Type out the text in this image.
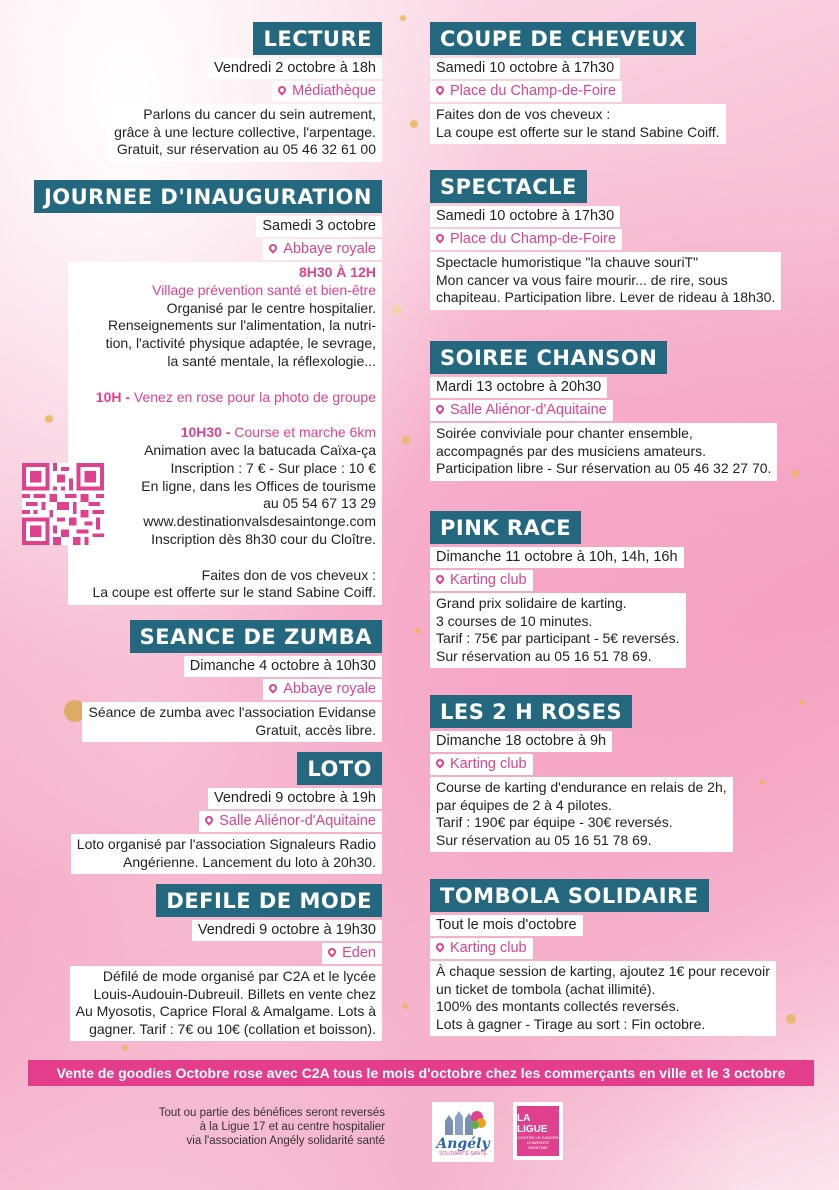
LECTURE
Vendredi 2 octobre à 18h
Médiathèque
Parlons du cancer du sein autrement,
grâce à une lecture collective, l'arpentage.
Gratuit, sur réservation au 05 46 32 61 00
JOURNEE D'INAUGURATION
Samedi 3 octobre
Abbaye royale
8H30 À 12H
Village prévention santé et bien-être
Organisé par le centre hospitalier.
Renseignements sur l'alimentation, la nutri-
tion, l'activité physique adaptée, le sevrage,
la santé mentale, la réflexologie...

10H - Venez en rose pour la photo de groupe

10H30 - Course et marche 6km
Animation avec la batucada Caïxa-ça
Inscription : 7 € - Sur place : 10 €
En ligne, dans les Offices de tourisme
au 05 54 67 13 29
www.destinationvalsdesaintonge.com
Inscription dès 8h30 cour du Cloître.

Faites don de vos cheveux :
La coupe est offerte sur le stand Sabine Coiff.
SEANCE DE ZUMBA
Dimanche 4 octobre à 10h30
Abbaye royale
Séance de zumba avec l'association Evidanse
Gratuit, accès libre.
LOTO
Vendredi 9 octobre à 19h
Salle Aliénor-d'Aquitaine
Loto organisé par l'association Signaleurs Radio
Angérienne. Lancement du loto à 20h30.
DEFILE DE MODE
Vendredi 9 octobre à 19h30
Eden
Défilé de mode organisé par C2A et le lycée
Louis-Audouin-Dubreuil. Billets en vente chez
Au Myosotis, Caprice Floral & Amalgame. Lots à
gagner. Tarif : 7€ ou 10€ (collation et boisson).
COUPE DE CHEVEUX
Samedi 10 octobre à 17h30
Place du Champ-de-Foire
Faites don de vos cheveux :
La coupe est offerte sur le stand Sabine Coiff.
SPECTACLE
Samedi 10 octobre à 17h30
Place du Champ-de-Foire
Spectacle humoristique "la chauve souriT"
Mon cancer va vous faire mourir... de rire, sous
chapiteau. Participation libre. Lever de rideau à 18h30.
SOIREE CHANSON
Mardi 13 octobre à 20h30
Salle Aliénor-d'Aquitaine
Soirée conviviale pour chanter ensemble,
accompagnés par des musiciens amateurs.
Participation libre - Sur réservation au 05 46 32 27 70.
PINK RACE
Dimanche 11 octobre à 10h, 14h, 16h
Karting club
Grand prix solidaire de karting.
3 courses de 10 minutes.
Tarif : 75€ par participant - 5€ reversés.
Sur réservation au 05 16 51 78 69.
LES 2 H ROSES
Dimanche 18 octobre à 9h
Karting club
Course de karting d'endurance en relais de 2h,
par équipes de 2 à 4 pilotes.
Tarif : 190€ par équipe - 30€ reversés.
Sur réservation au 05 16 51 78 69.
TOMBOLA SOLIDAIRE
Tout le mois d'octobre
Karting club
À chaque session de karting, ajoutez 1€ pour recevoir
un ticket de tombola (achat illimité).
100% des montants collectés reversés.
Lots à gagner - Tirage au sort : Fin octobre.
Vente de goodies Octobre rose avec C2A tous le mois d'octobre chez les commerçants en ville et le 3 octobre
Tout ou partie des bénéfices seront reversés
à la Ligue 17 et au centre hospitalier
via l'association Angély solidarité santé	Angély
SOLIDARITÉ SANTÉ
LA LIGUE
CONTRE LE CANCER
CHARENTE MARITIME
